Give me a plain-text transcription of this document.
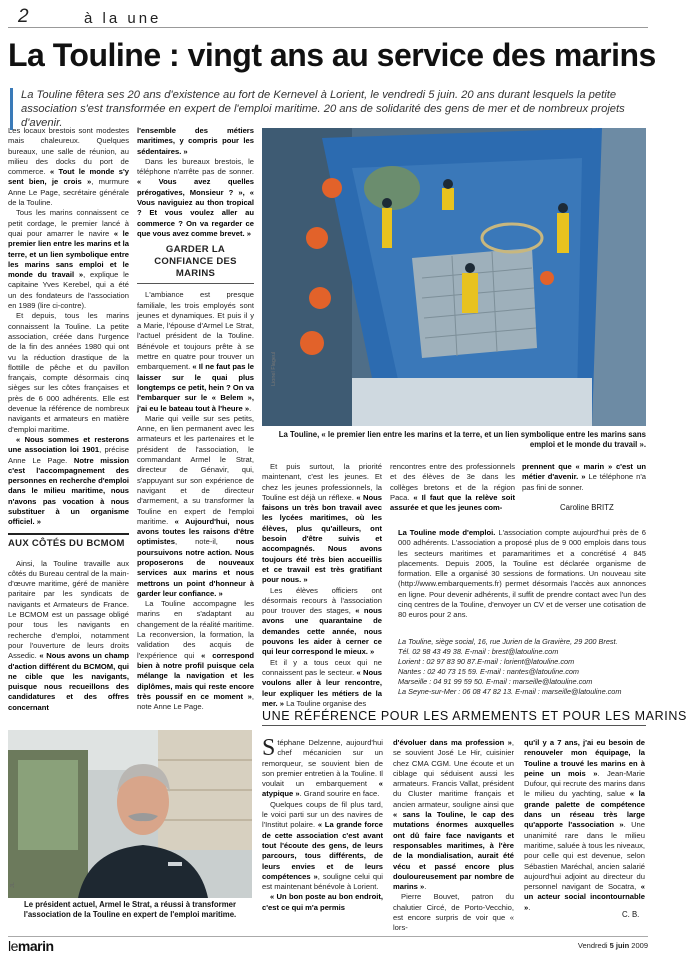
2	à la une
La Touline : vingt ans au service des marins
La Touline fêtera ses 20 ans d'existence au fort de Kernevel à Lorient, le vendredi 5 juin. 20 ans durant lesquels la petite association s'est transformée en expert de l'emploi maritime. 20 ans de solidarité des gens de mer et de nombreux projets d'avenir.

Les locaux brestois sont modestes mais chaleureux. Quelques bureaux, une salle de réunion, au milieu des docks du port de commerce. « Tout le monde s'y sent bien, je crois », murmure Anne Le Page, secrétaire générale de la Touline.

Tous les marins connaissent ce petit cordage, le premier lancé à quai pour amarrer le navire « le premier lien entre les marins et la terre, et un lien symbolique entre les marins sans emploi et le monde du travail », explique le capitaine Yves Kerebel, qui a été un des fondateurs de l'association en 1989 (lire ci-contre).

Et depuis, tous les marins connaissent la Touline. La petite association, créée dans l'urgence de la fin des années 1980 qui ont vu la réduction drastique de la flottille de pêche et du pavillon français, compte désormais cinq sièges sur les côtes françaises et près de 6 000 adhérents. Elle est devenue la référence de nombreux navigants et armateurs en matière d'emploi maritime.

« Nous sommes et resterons une association loi 1901, précise Anne Le Page. Notre mission c'est l'accompagnement des personnes en recherche d'emploi dans le milieu maritime, nous n'avons pas vocation à nous substituer à un organisme officiel. »

AUX CÔTÉS DU BCMOM

Ainsi, la Touline travaille aux côtés du Bureau central de la main-d'œuvre maritime, géré de manière paritaire par les syndicats de navigants et Armateurs de France. Le BCMOM est un passage obligé pour tous les navigants en recherche d'emploi, notamment pour l'ouverture de leurs droits Assedic. « Nous avons un champ d'action différent du BCMOM, qui ne cible que les navigants, puisque nous recueillons des candidatures et des offres concernant

l'ensemble des métiers maritimes, y compris pour les sédentaires. »

Dans les bureaux brestois, le téléphone n'arrête pas de sonner. « Vous avez quelles prérogatives, Monsieur ? », « Vous naviguiez au thon tropical ? Et vous voulez aller au commerce ? On va regarder ce que vous avez comme brevet. »

GARDER LA CONFIANCE DES MARINS

L'ambiance est presque familiale, les trois employés sont jeunes et dynamiques. Et puis il y a Marie, l'épouse d'Armel Le Strat, l'actuel président de la Touline. Bénévole et toujours prête à se mettre en quatre pour trouver un embarquement. « Il ne faut pas le laisser sur le quai plus longtemps ce petit, hein ? On va l'embarquer sur le « Belem », j'ai eu le bateau tout à l'heure ».

Marie qui veille sur ses petits, Anne, en lien permanent avec les armateurs et les partenaires et le président de l'association, le commandant Armel le Strat, directeur de Génavir, qui, s'appuyant sur son expérience de navigant et de directeur d'armement, a su transformer la Touline en expert de l'emploi maritime. « Aujourd'hui, nous avons toutes les raisons d'être optimistes, note-il, nous poursuivons notre action. Nous proposerons de nouveaux services aux marins et nous mettrons un point d'honneur à garder leur confiance. »

La Touline accompagne les marins en s'adaptant au changement de la réalité maritime. La reconversion, la formation, la validation des acquis de l'expérience qui « correspond bien à notre profil puisque cela mélange la navigation et les diplômes, mais qui reste encore très poussif en ce moment », note Anne Le Page.

Lionel Flageul
La Touline, « le premier lien entre les marins et la terre, et un lien symbolique entre les marins sans emploi et le monde du travail ».

Et puis surtout, la priorité maintenant, c'est les jeunes. Et chez les jeunes professionnels, la Touline est déjà un réflexe. « Nous faisons un très bon travail avec les lycées maritimes, où les élèves, plus qu'ailleurs, ont besoin d'être suivis et accompagnés. Nous avons toujours été très bien accueillis et ce travail est très gratifiant pour nous. »

Les élèves officiers ont désormais recours à l'association pour trouver des stages, « nous avons une quarantaine de demandes cette année, nous pouvons les aider à cerner ce qui leur correspond le mieux. »

Et il y a tous ceux qui ne connaissent pas le secteur. « Nous voulons aller à leur rencontre, leur expliquer les métiers de la mer. » La Touline organise des

rencontres entre des professionnels et des élèves de 3e dans les collèges bretons et de la région Paca. « Il faut que la relève soit assurée et que les jeunes com-

prennent que « marin » c'est un métier d'avenir. » Le téléphone n'a pas fini de sonner.

Caroline BRITZ

La Touline mode d'emploi. L'association compte aujourd'hui près de 6 000 adhérents. L'association a proposé plus de 9 000 emplois dans tous les secteurs maritimes et paramaritimes et a concrétisé 4 845 placements. Depuis 2005, la Touline est déclarée organisme de formation. Elle a organisé 30 sessions de formations. Un nouveau site (http://www.embarquements.fr) permet désormais l'accès aux annonces en ligne. Pour devenir adhérents, il suffit de prendre contact avec l'un des cinq centres de la Touline, d'envoyer un CV et de verser une cotisation de 80 euros pour 2 ans.

La Touline, siège social, 16, rue Jurien de la Gravière, 29 200 Brest.
Tél. 02 98 43 49 38. E-mail : brest@latouline.com
Lorient : 02 97 83 90 87.E-mail : lorient@latouline.com
Nantes : 02 40 73 15 59. E-mail : nantes@latouline.com
Marseille : 04 91 99 59 50. E-mail : marseille@latouline.com
La Seyne-sur-Mer : 06 08 47 82 13. E-mail : marseille@latouline.com
JL
Le président actuel, Armel le Strat, a réussi à transformer l'association de la Touline en expert de l'emploi maritime.
UNE RÉFÉRENCE POUR LES ARMEMENTS ET POUR LES MARINS

Stéphane Delzenne, aujourd'hui chef mécanicien sur un remorqueur, se souvient bien de son premier entretien à la Touline. Il voulait un embarquement « atypique ». Grand sourire en face.

Quelques coups de fil plus tard, le voici parti sur un des navires de l'Institut polaire. « La grande force de cette association c'est avant tout l'écoute des gens, de leurs parcours, tous différents, de leurs envies et de leurs compétences », souligne celui qui est maintenant bénévole à Lorient.

« Un bon poste au bon endroit, c'est ce qui m'a permis

d'évoluer dans ma profession », se souvient José Le Hir, cuisinier chez CMA CGM. Une écoute et un ciblage qui séduisent aussi les armateurs. Francis Vallat, président du Cluster maritime français et ancien armateur, souligne ainsi que « sans la Touline, le cap des mutations énormes auxquelles ont dû faire face navigants et responsables maritimes, à l'ère de la mondialisation, aurait été vécu et passé encore plus douloureusement par nombre de marins ».

Pierre Bouvet, patron du chalutier Circé, de Porto-Vecchio, est encore surpris de voir que « lors-

qu'il y a 7 ans, j'ai eu besoin de renouveler mon équipage, la Touline a trouvé les marins en à peine un mois ». Jean-Marie Dufour, qui recrute des marins dans le milieu du yachting, salue « la grande palette de compétence dans un réseau très large qu'apporte l'association ». Une unanimité rare dans le milieu maritime, saluée à tous les niveaux, pour celle qui est devenue, selon Sébastien Maréchal, ancien salarié aujourd'hui adjoint au directeur du personnel navigant de Socatra, « un acteur social incontournable ».

C. B.
lemarin	Vendredi 5 juin 2009
